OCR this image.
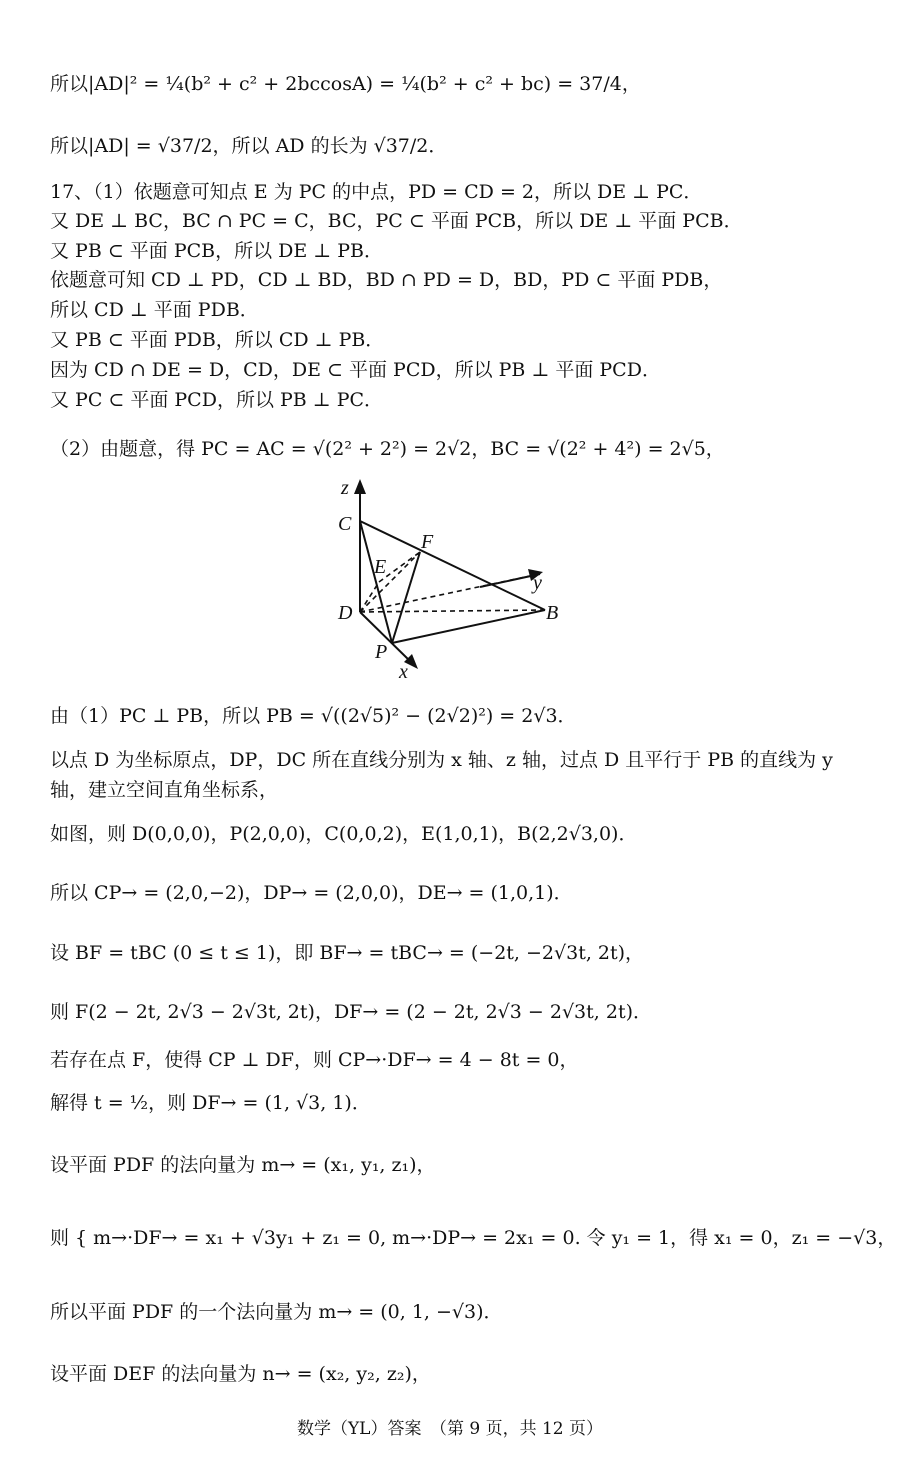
所以|AD|² = ¼(b² + c² + 2bccosA) = ¼(b² + c² + bc) = 37/4，
所以|AD| = √37/2，所以 AD 的长为 √37/2．
17、（1）依题意可知点 E 为 PC 的中点，PD = CD = 2，所以 DE ⊥ PC．
又 DE ⊥ BC，BC ∩ PC = C，BC，PC ⊂ 平面 PCB，所以 DE ⊥ 平面 PCB．
又 PB ⊂ 平面 PCB，所以 DE ⊥ PB．
依题意可知 CD ⊥ PD，CD ⊥ BD，BD ∩ PD = D，BD，PD ⊂ 平面 PDB，
所以 CD ⊥ 平面 PDB．
又 PB ⊂ 平面 PDB，所以 CD ⊥ PB．
因为 CD ∩ DE = D，CD，DE ⊂ 平面 PCD，所以 PB ⊥ 平面 PCD．
又 PC ⊂ 平面 PCD，所以 PB ⊥ PC．
（2）由题意，得 PC = AC = √(2² + 2²) = 2√2，BC = √(2² + 4²) = 2√5，
z
C
F
E
y
D	B
P
x
由（1）PC ⊥ PB，所以 PB = √((2√5)² − (2√2)²) = 2√3．
以点 D 为坐标原点，DP，DC 所在直线分别为 x 轴、z 轴，过点 D 且平行于 PB 的直线为 y
轴，建立空间直角坐标系，
如图，则 D(0,0,0)，P(2,0,0)，C(0,0,2)，E(1,0,1)，B(2,2√3,0)．
所以 CP→ = (2,0,−2)，DP→ = (2,0,0)，DE→ = (1,0,1)．
设 BF = tBC (0 ≤ t ≤ 1)，即 BF→ = tBC→ = (−2t, −2√3t, 2t)，
则 F(2 − 2t, 2√3 − 2√3t, 2t)，DF→ = (2 − 2t, 2√3 − 2√3t, 2t)．
若存在点 F，使得 CP ⊥ DF，则 CP→·DF→ = 4 − 8t = 0，
解得 t = ½，则 DF→ = (1, √3, 1)．
设平面 PDF 的法向量为 m→ = (x₁, y₁, z₁)，
则 { m→·DF→ = x₁ + √3y₁ + z₁ = 0, m→·DP→ = 2x₁ = 0. 令 y₁ = 1，得 x₁ = 0，z₁ = −√3，
所以平面 PDF 的一个法向量为 m→ = (0, 1, −√3)．
设平面 DEF 的法向量为 n→ = (x₂, y₂, z₂)，
数学（YL）答案　（第 9 页，共 12 页）
